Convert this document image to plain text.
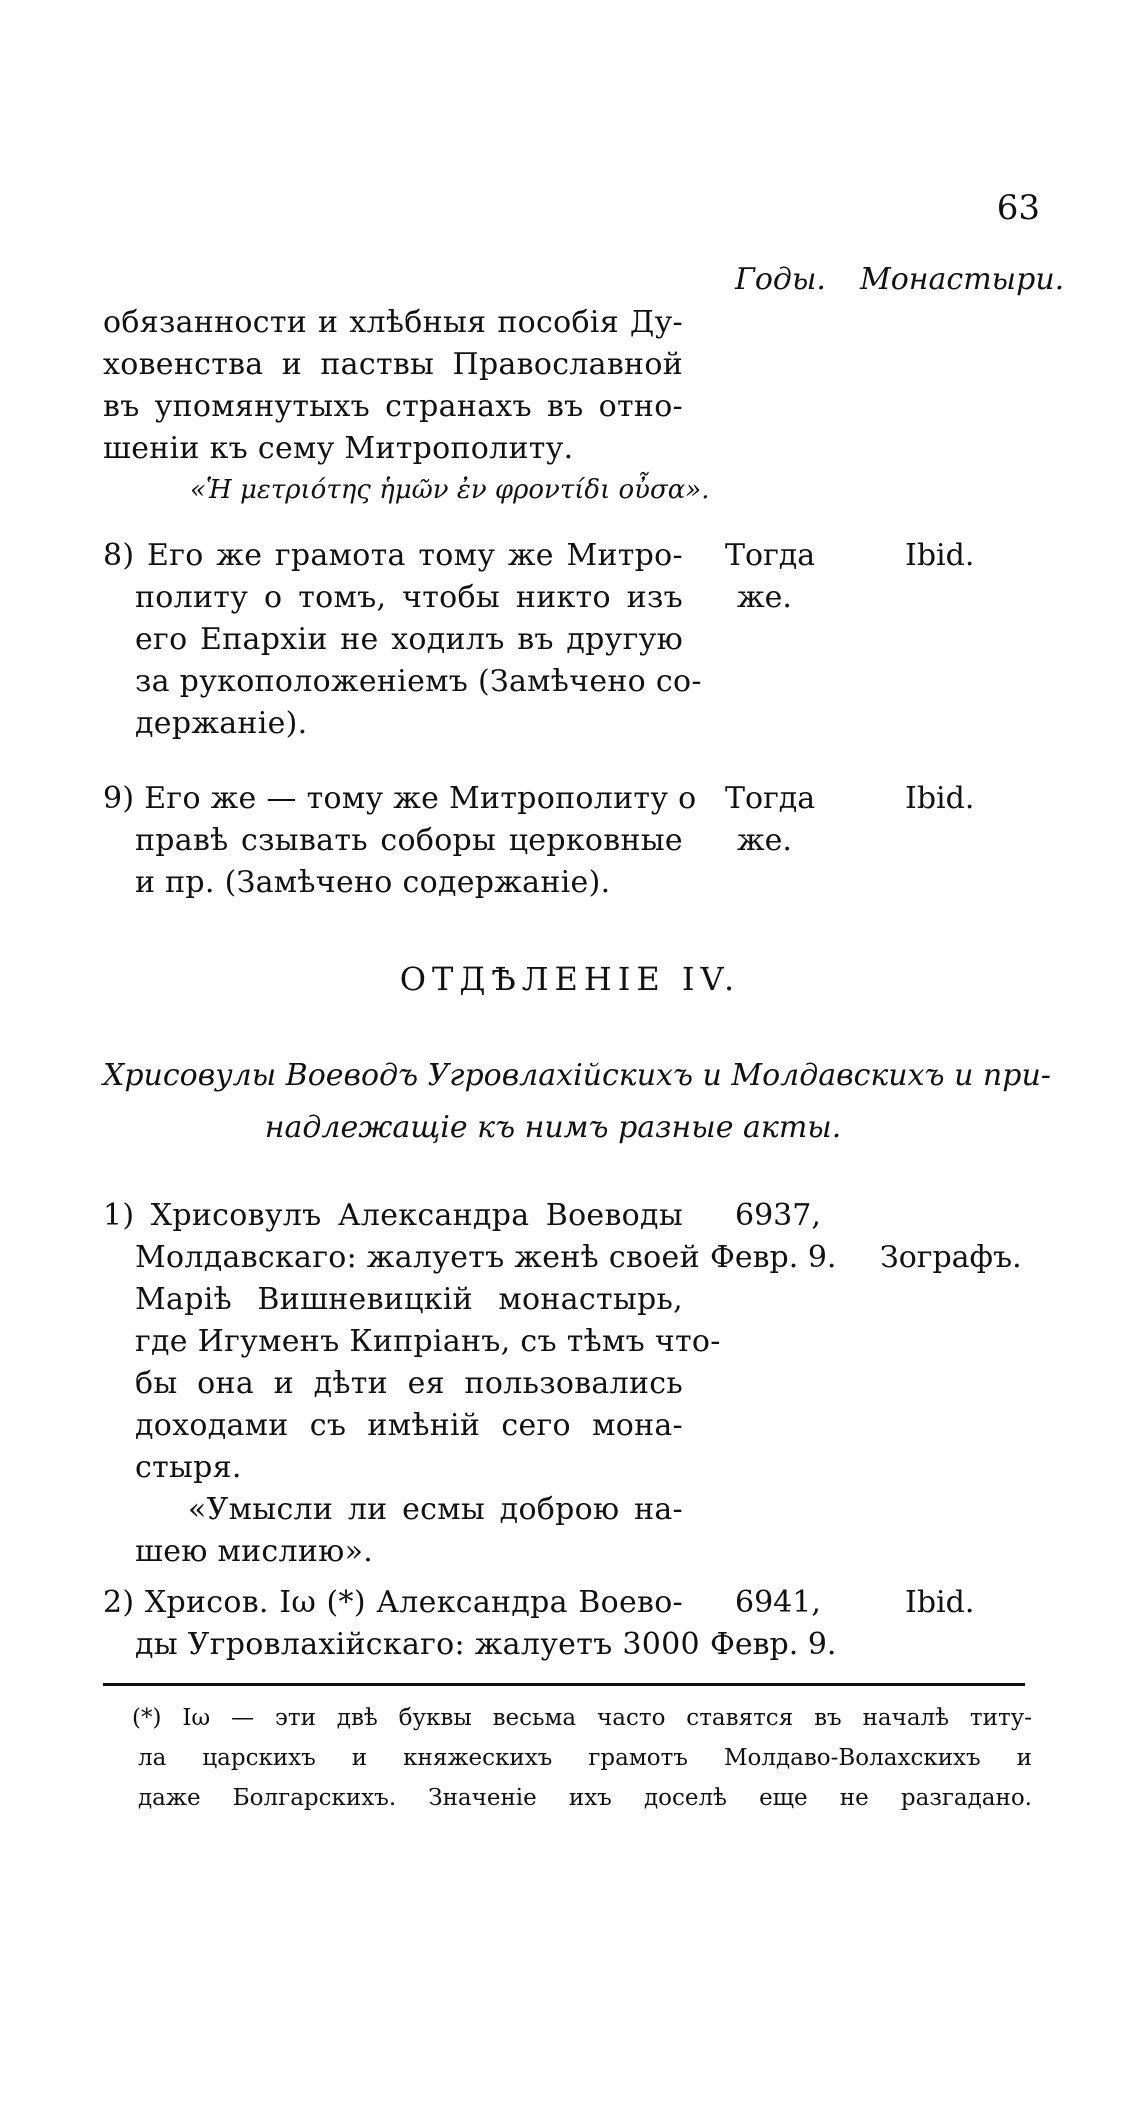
63
Годы. Монастыри.
обязанности и хлѣбныя пособія Ду-
ховенства и паствы Православной
въ упомянутыхъ странахъ въ отно-
шеніи къ сему Митрополиту.
«Ἡ μετριότης ἡμῶν ἐν φροντίδι οὖσα».
8) Его же грамота тому же Митро-
политу о томъ, чтобы никто изъ
его Епархіи не ходилъ въ другую
за рукоположеніемъ (Замѣчено со-
держаніе).
Тогда
же.
Ibid.
9) Его же — тому же Митрополиту о
правѣ сзывать соборы церковные
и пр. (Замѣчено содержаніе).
Тогда
же.
Ibid.
ОТДѢЛЕНІЕ IV.
Хрисовулы Воеводъ Угровлахійскихъ и Молдавскихъ и при-
надлежащіе къ нимъ разные акты.
1) Хрисовулъ Александра Воеводы
Молдавскаго: жалуетъ женѣ своей
Маріѣ Вишневицкій монастырь,
где Игуменъ Кипріанъ, съ тѣмъ что-
бы она и дѣти ея пользовались
доходами съ имѣній сего мона-
стыря.
«Умысли ли есмы доброю на-
шею мислию».
6937,
Февр. 9. Зографъ.
2) Хрисов. Iω (*) Александра Воево-
ды Угровлахійскаго: жалуетъ 3000
6941,
Февр. 9.
Ibid.
(*) Iω — эти двѣ буквы весьма часто ставятся въ началѣ титу-
ла царскихъ и княжескихъ грамотъ Молдаво-Волахскихъ и
даже Болгарскихъ. Значеніе ихъ доселѣ еще не разгадано.
